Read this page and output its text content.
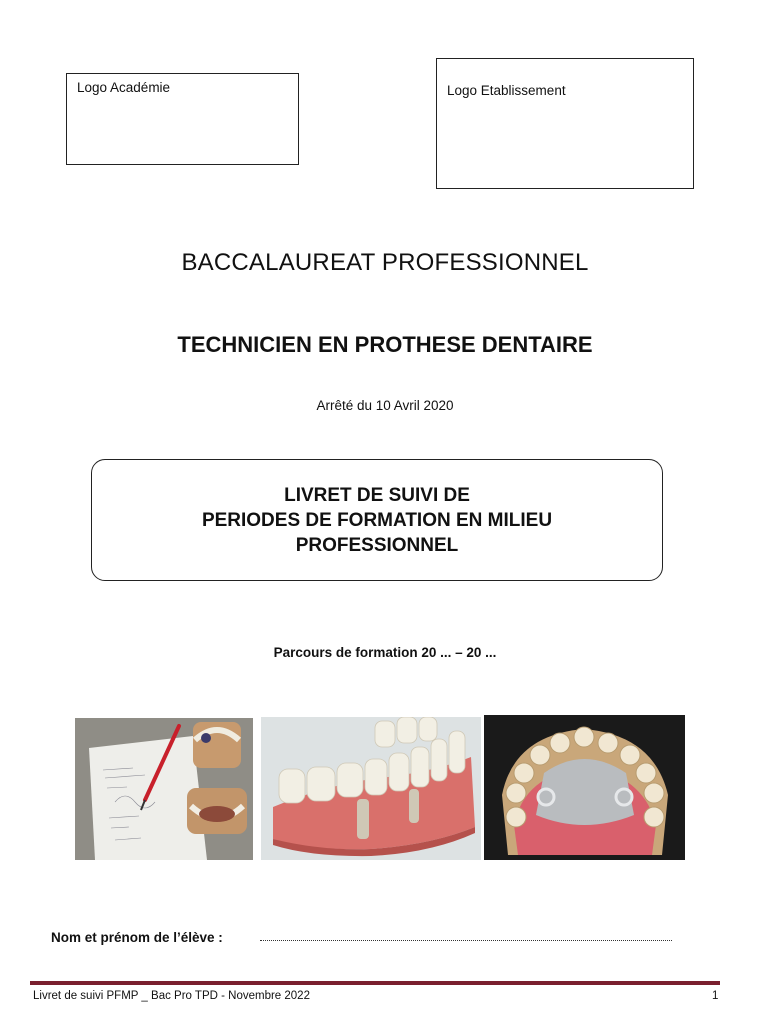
Logo Académie	Logo Etablissement
BACCALAUREAT PROFESSIONNEL
TECHNICIEN EN PROTHESE DENTAIRE
Arrêté du 10 Avril 2020
LIVRET DE SUIVI DE
PERIODES DE FORMATION EN MILIEU
PROFESSIONNEL
Parcours de formation 20 ... – 20 ...
Nom et prénom de l’élève :
Livret de suivi PFMP _ Bac Pro TPD - Novembre 2022	1
